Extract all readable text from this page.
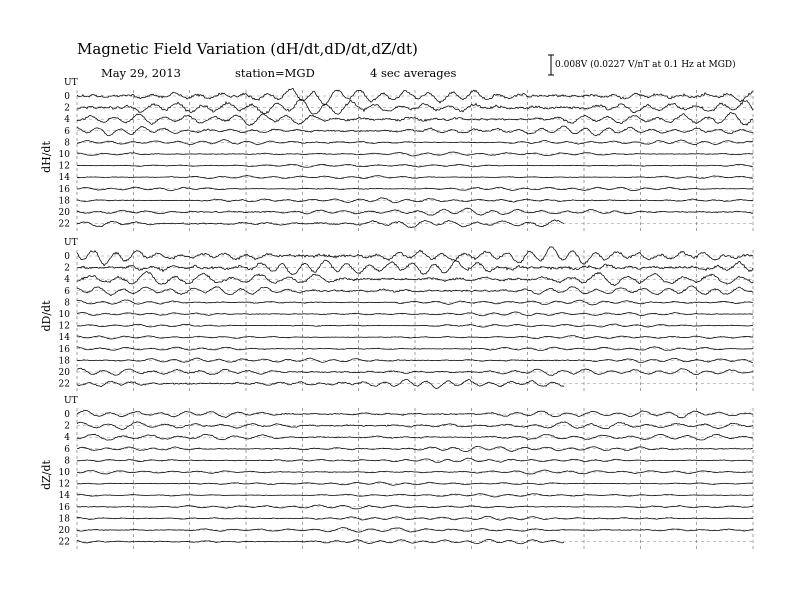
Magnetic Field Variation (dH/dt,dD/dt,dZ/dt)
May 29, 2013	station=MGD	4 sec averages
0.008V (0.0227 V/nT at 0.1 Hz at MGD)
UT
dH/dt
0
2
4
6
8
10
12
14
16
18
20
22
UT
dD/dt
0
2
4
6
8
10
12
14
16
18
20
22
UT
dZ/dt
0
2
4
6
8
10
12
14
16
18
20
22
